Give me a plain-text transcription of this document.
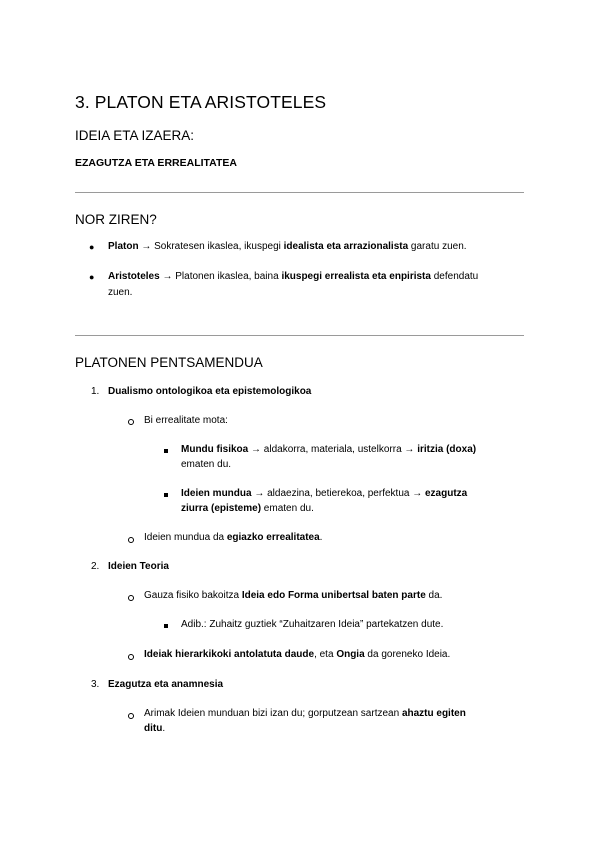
3. PLATON ETA ARISTOTELES
IDEIA ETA IZAERA:
EZAGUTZA ETA ERREALITATEA
NOR ZIREN?
● Platon → Sokratesen ikaslea, ikuspegi idealista eta arrazionalista garatu zuen.
● Aristoteles → Platonen ikaslea, baina ikuspegi errealista eta enpirista defendatu
zuen.
PLATONEN PENTSAMENDUA
1. Dualismo ontologikoa eta epistemologikoa
Bi errealitate mota:
Mundu fisikoa → aldakorra, materiala, ustelkorra → iritzia (doxa)
ematen du.
Ideien mundua → aldaezina, betierekoa, perfektua → ezagutza
ziurra (episteme) ematen du.
Ideien mundua da egiazko errealitatea.
2. Ideien Teoria
Gauza fisiko bakoitza Ideia edo Forma unibertsal baten parte da.
Adib.: Zuhaitz guztiek “Zuhaitzaren Ideia” partekatzen dute.
Ideiak hierarkikoki antolatuta daude, eta Ongia da goreneko Ideia.
3. Ezagutza eta anamnesia
Arimak Ideien munduan bizi izan du; gorputzean sartzean ahaztu egiten
ditu.
